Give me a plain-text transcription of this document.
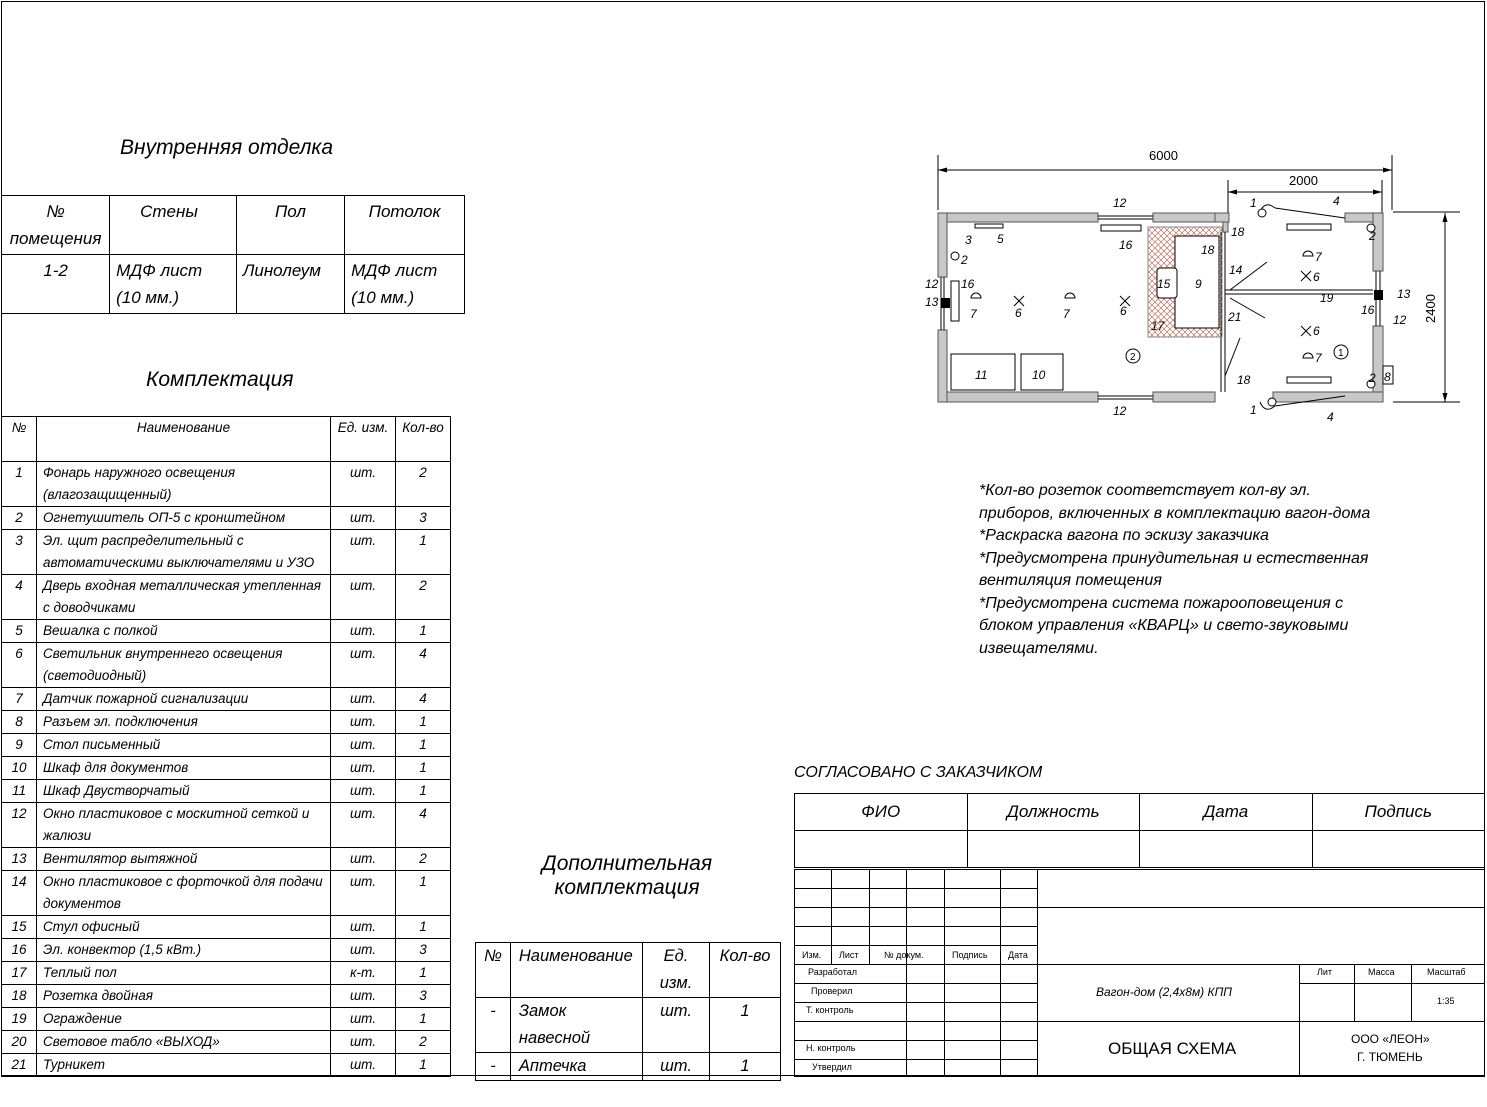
Внутренняя отделка
№ помещения	Стены	Пол	Потолок
1-2	МДФ лист (10 мм.)	Линолеум	МДФ лист (10 мм.)
Комплектация
№	Наименование	Ед. изм.	Кол-во
1	Фонарь наружного освещения (влагозащищенный)	шт.	2
2	Огнетушитель ОП-5 с кронштейном	шт.	3
3	Эл. щит распределительный с автоматическими выключателями и УЗО	шт.	1
4	Дверь входная металлическая утепленная с доводчиками	шт.	2
5	Вешалка с полкой	шт.	1
6	Светильник внутреннего освещения (светодиодный)	шт.	4
7	Датчик пожарной сигнализации	шт.	4
8	Разъем эл. подключения	шт.	1
9	Стол письменный	шт.	1
10	Шкаф для документов	шт.	1
11	Шкаф Двустворчатый	шт.	1
12	Окно пластиковое с москитной сеткой и жалюзи	шт.	4
13	Вентилятор вытяжной	шт.	2
14	Окно пластиковое с форточкой для подачи документов	шт.	1
15	Стул офисный	шт.	1
16	Эл. конвектор (1,5 кВт.)	шт.	3
17	Теплый пол	к-т.	1
18	Розетка двойная	шт.	3
19	Ограждение	шт.	1
20	Световое табло «ВЫХОД»	шт.	2
21	Турникет	шт.	1
Дополнительная
комплектация
№	Наименование	Ед. изм.	Кол-во
-	Замок навесной	шт.	1
-	Аптечка	шт.	1
6000
2000
2400
2	1
12
12
12
12
13
13
16
16
16
3 5
2
2
2
7	7
7
7
6	6
6
6
18
18
18
1
1
4
4
14
15 9
19
21
17
11	10	8
*Кол-во розеток соответствует кол-ву эл.
приборов, включенных в комплектацию вагон-дома
*Раскраска вагона по эскизу заказчика
*Предусмотрена принудительная и естественная
вентиляция помещения
*Предусмотрена система пожарооповещения с
блоком управления «КВАРЦ» и свето-звуковыми
извещателями.
СОГЛАСОВАНО С ЗАКАЗЧИКОМ
ФИО	Должность	Дата	Подпись

Изм. Лист	№ докум.	Подпись Дата
Разработал
Проверил
Т. контроль
Н. контроль
Утвердил
Вагон-дом (2,4х8м) КПП
ОБЩАЯ СХЕМА
Лит	Масса	Масштаб
1:35
ООО «ЛЕОН»
Г. ТЮМЕНЬ
